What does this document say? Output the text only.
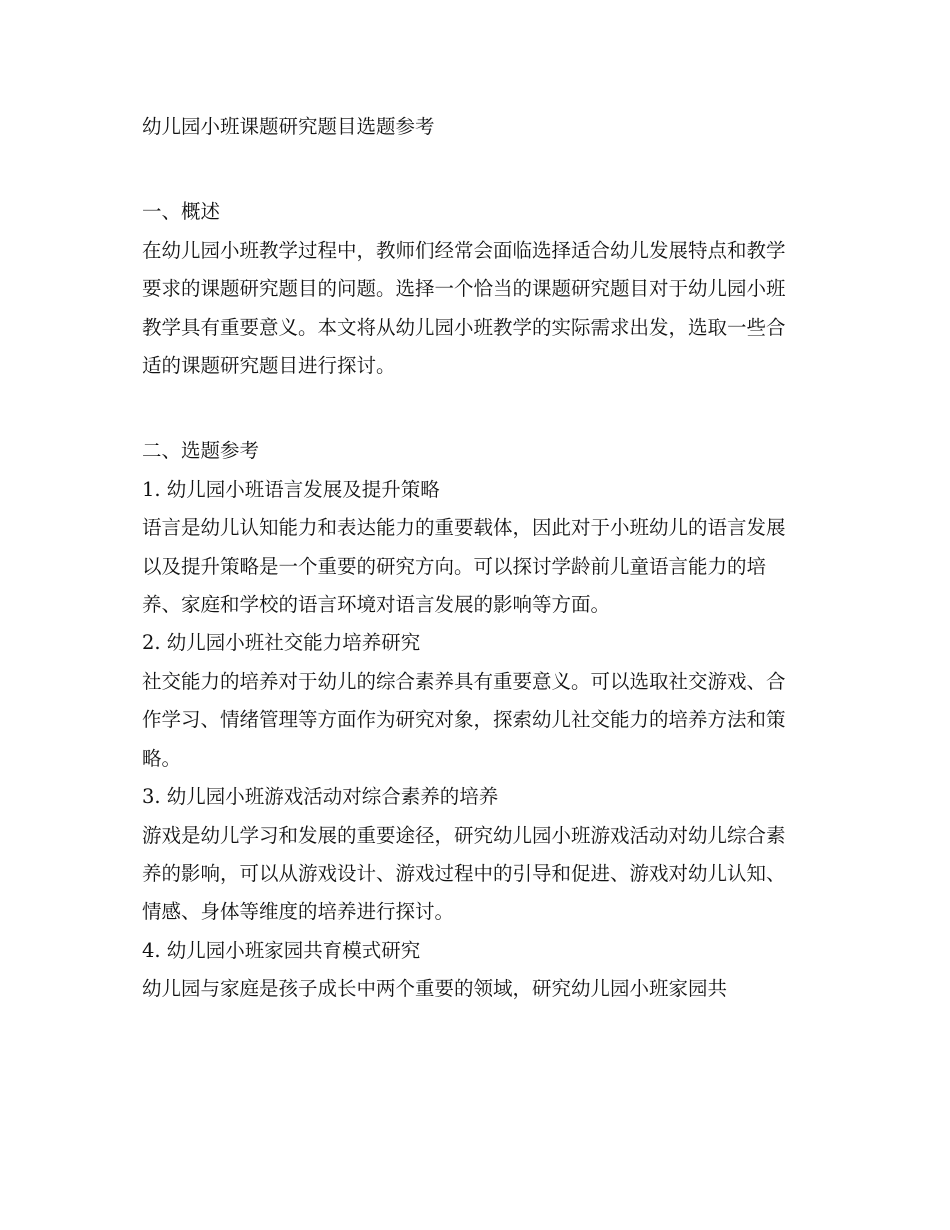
幼儿园小班课题研究题目选题参考

一、概述

在幼儿园小班教学过程中，教师们经常会面临选择适合幼儿发展特点和教学要求的课题研究题目的问题。选择一个恰当的课题研究题目对于幼儿园小班教学具有重要意义。本文将从幼儿园小班教学的实际需求出发，选取一些合适的课题研究题目进行探讨。

二、选题参考

1. 幼儿园小班语言发展及提升策略

语言是幼儿认知能力和表达能力的重要载体，因此对于小班幼儿的语言发展以及提升策略是一个重要的研究方向。可以探讨学龄前儿童语言能力的培养、家庭和学校的语言环境对语言发展的影响等方面。

2. 幼儿园小班社交能力培养研究

社交能力的培养对于幼儿的综合素养具有重要意义。可以选取社交游戏、合作学习、情绪管理等方面作为研究对象，探索幼儿社交能力的培养方法和策略。

3. 幼儿园小班游戏活动对综合素养的培养

游戏是幼儿学习和发展的重要途径，研究幼儿园小班游戏活动对幼儿综合素养的影响，可以从游戏设计、游戏过程中的引导和促进、游戏对幼儿认知、情感、身体等维度的培养进行探讨。

4. 幼儿园小班家园共育模式研究

幼儿园与家庭是孩子成长中两个重要的领域，研究幼儿园小班家园共
